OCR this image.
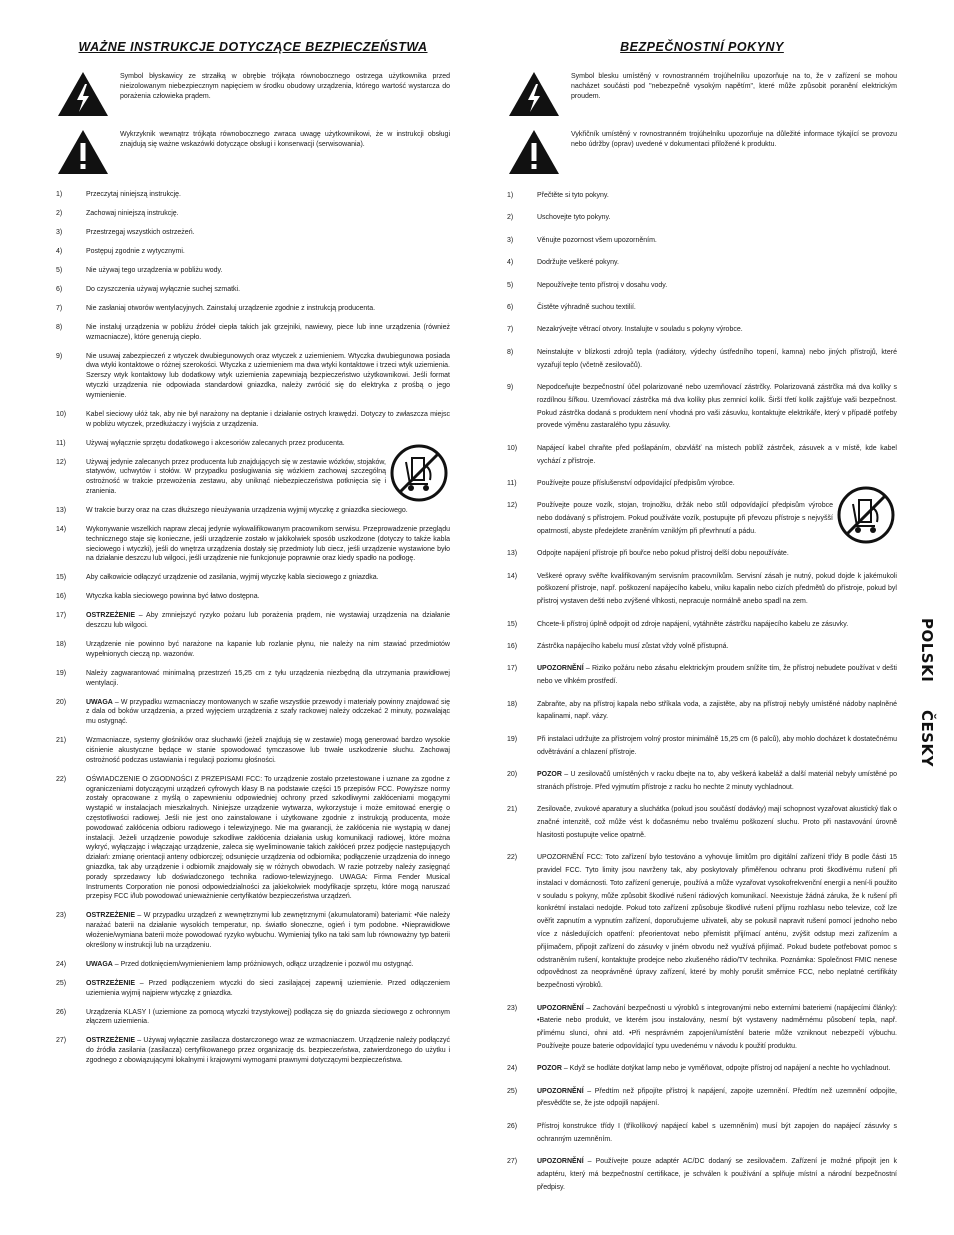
WAŻNE INSTRUKCJE DOTYCZĄCE BEZPIECZEŃSTWA
Symbol błyskawicy ze strzałką w obrębie trójkąta równobocznego ostrzega użytkownika przed nieizolowanym niebezpiecznym napięciem w środku obudowy urządzenia, którego wartość wystarcza do porażenia człowieka prądem.
Wykrzyknik wewnątrz trójkąta równobocznego zwraca uwagę użytkownikowi, że w instrukcji obsługi znajdują się ważne wskazówki dotyczące obsługi i konserwacji (serwisowania).
1)	Przeczytaj niniejszą instrukcję.
2)	Zachowaj niniejszą instrukcję.
3)	Przestrzegaj wszystkich ostrzeżeń.
4)	Postępuj zgodnie z wytycznymi.
5)	Nie używaj tego urządzenia w pobliżu wody.
6)	Do czyszczenia używaj wyłącznie suchej szmatki.
7)	Nie zasłaniaj otworów wentylacyjnych. Zainstaluj urządzenie zgodnie z instrukcją producenta.
8)	Nie instaluj urządzenia w pobliżu źródeł ciepła takich jak grzejniki, nawiewy, piece lub inne urządzenia (również wzmacniacze), które generują ciepło.
9)	Nie usuwaj zabezpieczeń z wtyczek dwubiegunowych oraz wtyczek z uziemieniem. Wtyczka dwubiegunowa posiada dwa wtyki kontaktowe o różnej szerokości. Wtyczka z uziemieniem ma dwa wtyki kontaktowe i trzeci wtyk uziemienia. Szerszy wtyk kontaktowy lub dodatkowy wtyk uziemienia zapewniają bezpieczeństwo użytkownikowi. Jeśli format wtyczki urządzenia nie odpowiada standardowi gniazdka, należy zwrócić się do elektryka z prośbą o jego wymienienie.
10)	Kabel sieciowy ułóż tak, aby nie był narażony na deptanie i działanie ostrych krawędzi. Dotyczy to zwłaszcza miejsc w pobliżu wtyczek, przedłużaczy i wyjścia z urządzenia.
11)	Używaj wyłącznie sprzętu dodatkowego i akcesoriów zalecanych przez producenta.
12)	Używaj jedynie zalecanych przez producenta lub znajdujących się w zestawie wózków, stojaków, statywów, uchwytów i stołów. W przypadku posługiwania się wózkiem zachowaj szczególną ostrożność w trakcie przewożenia zestawu, aby uniknąć niebezpieczeństwa potknięcia się i zranienia.
13)	W trakcie burzy oraz na czas dłuższego nieużywania urządzenia wyjmij wtyczkę z gniazdka sieciowego.
14)	Wykonywanie wszelkich napraw zlecaj jedynie wykwalifikowanym pracownikom serwisu. Przeprowadzenie przeglądu technicznego staje się konieczne, jeśli urządzenie zostało w jakikolwiek sposób uszkodzone (dotyczy to także kabla sieciowego i wtyczki), jeśli do wnętrza urządzenia dostały się przedmioty lub ciecz, jeśli urządzenie wystawione było na działanie deszczu lub wilgoci, jeśli urządzenie nie funkcjonuje poprawnie oraz kiedy spadło na podłogę.
15)	Aby całkowicie odłączyć urządzenie od zasilania, wyjmij wtyczkę kabla sieciowego z gniazdka.
16)	Wtyczka kabla sieciowego powinna być łatwo dostępna.
17)	OSTRZEŻENIE – Aby zmniejszyć ryzyko pożaru lub porażenia prądem, nie wystawiaj urządzenia na działanie deszczu lub wilgoci.
18)	Urządzenie nie powinno być narażone na kapanie lub rozlanie płynu, nie należy na nim stawiać przedmiotów wypełnionych cieczą np. wazonów.
19)	Należy zagwarantować minimalną przestrzeń 15,25 cm z tyłu urządzenia niezbędną dla utrzymania prawidłowej wentylacji.
20)	UWAGA – W przypadku wzmacniaczy montowanych w szafie wszystkie przewody i materiały powinny znajdować się z dala od boków urządzenia, a przed wyjęciem urządzenia z szafy rackowej należy odczekać 2 minuty, pozwalając mu ostygnąć.
21)	Wzmacniacze, systemy głośników oraz słuchawki (jeżeli znajdują się w zestawie) mogą generować bardzo wysokie ciśnienie akustyczne będące w stanie spowodować tymczasowe lub trwałe uszkodzenie słuchu. Zachowaj ostrożność podczas ustawiania i regulacji poziomu głośności.
22)	OŚWIADCZENIE O ZGODNOŚCI Z PRZEPISAMI FCC: To urządzenie zostało przetestowane i uznane za zgodne z ograniczeniami dotyczącymi urządzeń cyfrowych klasy B na podstawie części 15 przepisów FCC. Powyższe normy zostały opracowane z myślą o zapewnieniu odpowiedniej ochrony przed szkodliwymi zakłóceniami mogącymi wystąpić w instalacjach mieszkalnych. Niniejsze urządzenie wytwarza, wykorzystuje i może emitować energię o częstotliwości radiowej. Jeśli nie jest ono zainstalowane i użytkowane zgodnie z instrukcją producenta, może powodować zakłócenia odbioru radiowego i telewizyjnego. Nie ma gwarancji, że zakłócenia nie wystąpią w danej instalacji. Jeżeli urządzenie powoduje szkodliwe zakłócenia działania usług komunikacji radiowej, które można wykryć, wyłączając i włączając urządzenie, zaleca się wyeliminowanie takich zakłóceń przez podjęcie następujących działań: zmianę orientacji anteny odbiorczej; odsunięcie urządzenia od odbiornika; podłączenie urządzenia do innego gniazdka, tak aby urządzenie i odbiornik znajdowały się w różnych obwodach. W razie potrzeby należy zasięgnąć porady sprzedawcy lub doświadczonego technika radiowo-telewizyjnego. UWAGA: Firma Fender Musical Instruments Corporation nie ponosi odpowiedzialności za jakiekolwiek modyfikacje sprzętu, które mogą naruszać przepisy FCC i/lub powodować unieważnienie certyfikatów bezpieczeństwa urządzeń.
23)	OSTRZEŻENIE – W przypadku urządzeń z wewnętrznymi lub zewnętrznymi (akumulatorami) bateriami: •Nie należy narażać baterii na działanie wysokich temperatur, np. światło słoneczne, ogień i tym podobne. •Nieprawidłowe włożenie/wymiana baterii może powodować ryzyko wybuchu. Wymieniaj tylko na taki sam lub równoważny typ baterii określony w instrukcji lub na urządzeniu.
24)	UWAGA – Przed dotknięciem/wymienieniem lamp próżniowych, odłącz urządzenie i pozwól mu ostygnąć.
25)	OSTRZEŻENIE – Przed podłączeniem wtyczki do sieci zasilającej zapewnij uziemienie. Przed odłączeniem uziemienia wyjmij najpierw wtyczkę z gniazdka.
26)	Urządzenia KLASY I (uziemione za pomocą wtyczki trzystykowej) podłącza się do gniazda sieciowego z ochronnym złączem uziemienia.
27)	OSTRZEŻENIE – Używaj wyłącznie zasilacza dostarczonego wraz ze wzmacniaczem. Urządzenie należy podłączyć do źródła zasilania (zasilacza) certyfikowanego przez organizację ds. bezpieczeństwa, zatwierdzonego do użytku i zgodnego z obowiązującymi lokalnymi i krajowymi wymogami prawnymi dotyczącymi bezpieczeństwa.
BEZPEČNOSTNÍ POKYNY
Symbol blesku umístěný v rovnostranném trojúhelníku upozorňuje na to, že v zařízení se mohou nacházet součásti pod "nebezpečně vysokým napětím", které může způsobit poranění elektrickým proudem.
Vykřičník umístěný v rovnostranném trojúhelníku upozorňuje na důležité informace týkající se provozu nebo údržby (oprav) uvedené v dokumentaci přiložené k produktu.
1)	Přečtěte si tyto pokyny.
2)	Uschovejte tyto pokyny.
3)	Věnujte pozornost všem upozorněním.
4)	Dodržujte veškeré pokyny.
5)	Nepoužívejte tento přístroj v dosahu vody.
6)	Čistěte výhradně suchou textilií.
7)	Nezakrývejte větrací otvory. Instalujte v souladu s pokyny výrobce.
8)	Neinstalujte v blízkosti zdrojů tepla (radiátory, výdechy ústředního topení, kamna) nebo jiných přístrojů, které vyzařují teplo (včetně zesilovačů).
9)	Nepodceňujte bezpečnostní účel polarizované nebo uzemňovací zástrčky. Polarizovaná zástrčka má dva kolíky s rozdílnou šířkou. Uzemňovací zástrčka má dva kolíky plus zemnicí kolík. Širší třetí kolík zajišťuje vaši bezpečnost. Pokud zástrčka dodaná s produktem není vhodná pro vaši zásuvku, kontaktujte elektrikáře, který v případě potřeby provede výměnu zastaralého typu zásuvky.
10)	Napájecí kabel chraňte před pošlapáním, obzvlášť na místech poblíž zástrček, zásuvek a v místě, kde kabel vychází z přístroje.
11)	Používejte pouze příslušenství odpovídající předpisům výrobce.
12)	Používejte pouze vozík, stojan, trojnožku, držák nebo stůl odpovídající předpisům výrobce nebo dodávaný s přístrojem. Pokud používáte vozík, postupujte při převozu přístroje s nejvyšší opatrností, abyste předejdete zraněním vzniklým při převrhnutí a pádu.
13)	Odpojte napájení přístroje při bouřce nebo pokud přístroj delší dobu nepoužíváte.
14)	Veškeré opravy svěřte kvalifikovaným servisním pracovníkům. Servisní zásah je nutný, pokud dojde k jakémukoli poškození přístroje, např. poškození napájecího kabelu, vniku kapalin nebo cizích předmětů do přístroje, pokud byl přístroj vystaven dešti nebo zvýšené vlhkosti, nepracuje normálně anebo spadl na zem.
15)	Chcete-li přístroj úplně odpojit od zdroje napájení, vytáhněte zástrčku napájecího kabelu ze zásuvky.
16)	Zástrčka napájecího kabelu musí zůstat vždy volně přístupná.
17)	UPOZORNĚNÍ – Riziko požáru nebo zásahu elektrickým proudem snížíte tím, že přístroj nebudete používat v dešti nebo ve vlhkém prostředí.
18)	Zabraňte, aby na přístroj kapala nebo stříkala voda, a zajistěte, aby na přístroji nebyly umístěné nádoby naplněné kapalinami, např. vázy.
19)	Při instalaci udržujte za přístrojem volný prostor minimálně 15,25 cm (6 palců), aby mohlo docházet k dostatečnému odvětrávání a chlazení přístroje.
20)	POZOR – U zesilovačů umístěných v racku dbejte na to, aby veškerá kabeláž a další materiál nebyly umístěné po stranách přístroje. Před vyjmutím přístroje z racku ho nechte 2 minuty vychladnout.
21)	Zesilovače, zvukové aparatury a sluchátka (pokud jsou součástí dodávky) mají schopnost vyzařovat akustický tlak o značné intenzitě, což může vést k dočasnému nebo trvalému poškození sluchu. Proto při nastavování úrovně hlasitosti postupujte velice opatrně.
22)	UPOZORNĚNÍ FCC: Toto zařízení bylo testováno a vyhovuje limitům pro digitální zařízení třídy B podle části 15 pravidel FCC. Tyto limity jsou navrženy tak, aby poskytovaly přiměřenou ochranu proti škodlivému rušení při instalaci v domácnosti. Toto zařízení generuje, používá a může vyzařovat vysokofrekvenční energii a není-li použito v souladu s pokyny, může způsobit škodlivé rušení rádiových komunikací. Neexistuje žádná záruka, že k rušení při konkrétní instalaci nedojde. Pokud toto zařízení způsobuje škodlivé rušení příjmu rozhlasu nebo televize, což lze ověřit zapnutím a vypnutím zařízení, doporučujeme uživateli, aby se pokusil napravit rušení pomocí jednoho nebo více z následujících opatření: přeorientovat nebo přemístit přijímací anténu, zvýšit odstup mezi zařízením a přijímačem, připojit zařízení do zásuvky v jiném obvodu než využívá přijímač. Pokud budete potřebovat pomoc s odstraněním rušení, kontaktujte prodejce nebo zkušeného rádio/TV technika. Poznámka: Společnost FMIC nenese odpovědnost za neoprávněné úpravy zařízení, které by mohly porušit směrnice FCC, nebo neplatné certifikáty bezpečnosti výrobků.
23)	UPOZORNĚNÍ – Zachování bezpečnosti u výrobků s integrovanými nebo externími bateriemi (napájecími články): •Baterie nebo produkt, ve kterém jsou instalovány, nesmí být vystaveny nadměrnému působení tepla, např. přímému slunci, ohni atd. •Při nesprávném zapojení/umístění baterie může vzniknout nebezpečí výbuchu. Používejte pouze baterie odpovídající typu uvedenému v návodu k použití produktu.
24)	POZOR – Když se hodláte dotýkat lamp nebo je vyměňovat, odpojte přístroj od napájení a nechte ho vychladnout.
25)	UPOZORNĚNÍ – Předtím než připojíte přístroj k napájení, zapojte uzemnění. Předtím než uzemnění odpojíte, přesvědčte se, že jste odpojili napájení.
26)	Přístroj konstrukce třídy I (tříkolíkový napájecí kabel s uzemněním) musí být zapojen do napájecí zásuvky s ochranným uzemněním.
27)	UPOZORNĚNÍ – Používejte pouze adaptér AC/DC dodaný se zesilovačem. Zařízení je možné připojit jen k adaptéru, který má bezpečnostní certifikace, je schválen k používání a splňuje místní a národní bezpečnostní předpisy.
POLSKI
ČESKY
